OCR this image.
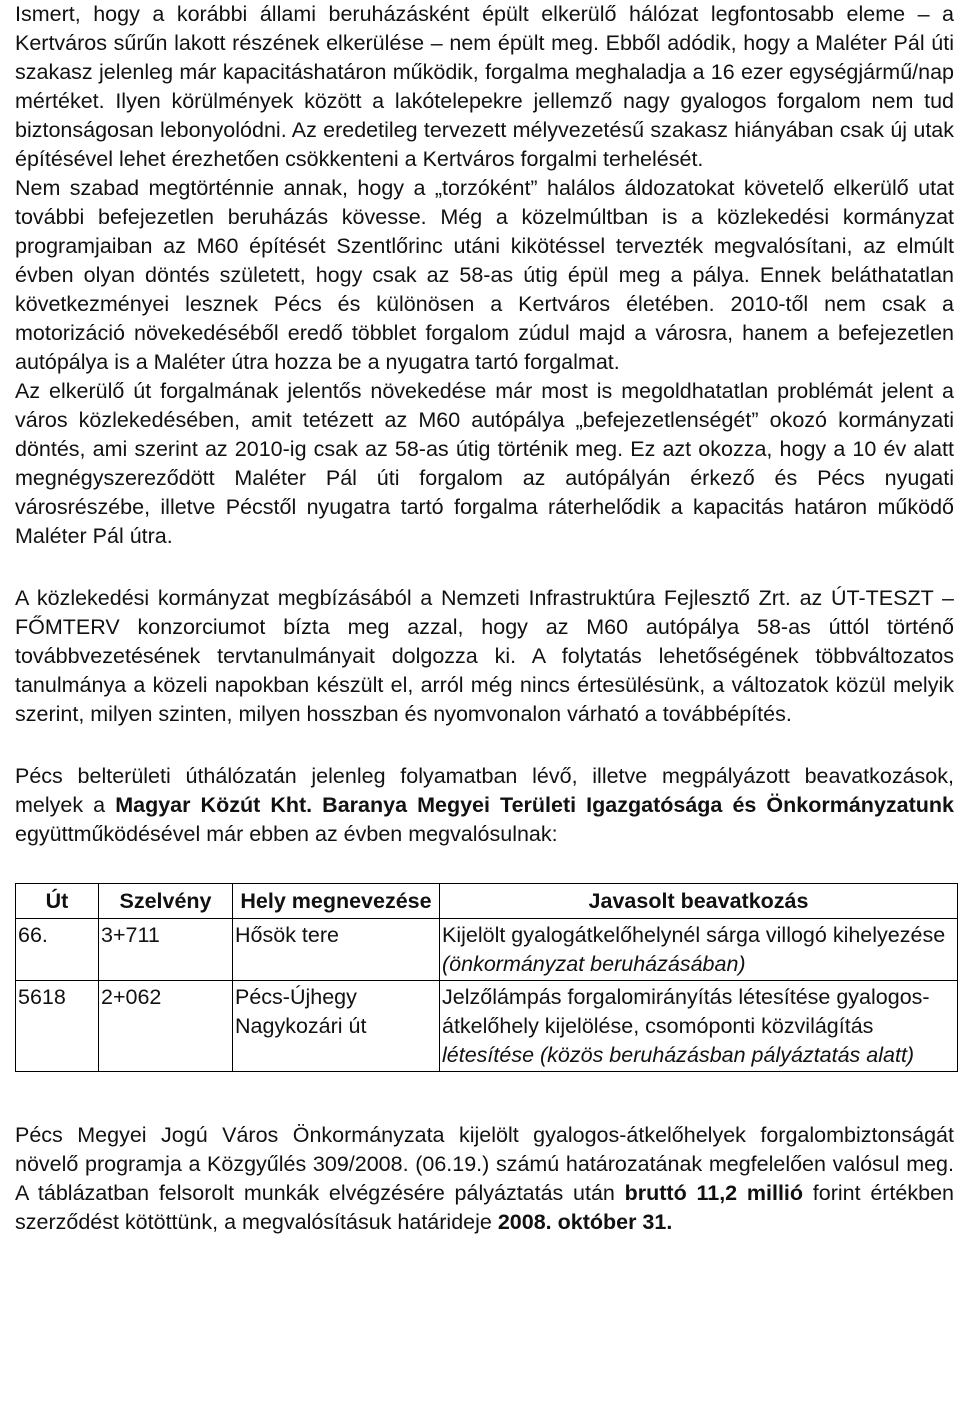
Ismert, hogy a korábbi állami beruházásként épült elkerülő hálózat legfontosabb eleme – a Kertváros sűrűn lakott részének elkerülése – nem épült meg. Ebből adódik, hogy a Maléter Pál úti szakasz jelenleg már kapacitáshatáron működik, forgalma meghaladja a 16 ezer egységjármű/nap mértéket. Ilyen körülmények között a lakótelepekre jellemző nagy gyalogos forgalom nem tud biztonságosan lebonyolódni. Az eredetileg tervezett mélyvezetésű szakasz hiányában csak új utak építésével lehet érezhetően csökkenteni a Kertváros forgalmi terhelését.

Nem szabad megtörténnie annak, hogy a „torzóként” halálos áldozatokat követelő elkerülő utat további befejezetlen beruházás kövesse. Még a közelmúltban is a közlekedési kormányzat programjaiban az M60 építését Szentlőrinc utáni kikötéssel tervezték megvalósítani, az elmúlt évben olyan döntés született, hogy csak az 58-as útig épül meg a pálya. Ennek beláthatatlan következményei lesznek Pécs és különösen a Kertváros életében. 2010-től nem csak a motorizáció növekedéséből eredő többlet forgalom zúdul majd a városra, hanem a befejezetlen autópálya is a Maléter útra hozza be a nyugatra tartó forgalmat.

Az elkerülő út forgalmának jelentős növekedése már most is megoldhatatlan problémát jelent a város közlekedésében, amit tetézett az M60 autópálya „befejezetlenségét” okozó kormányzati döntés, ami szerint az 2010-ig csak az 58-as útig történik meg. Ez azt okozza, hogy a 10 év alatt megnégyszereződött Maléter Pál úti forgalom az autópályán érkező és Pécs nyugati városrészébe, illetve Pécstől nyugatra tartó forgalma ráterhelődik a kapacitás határon működő Maléter Pál útra.

A közlekedési kormányzat megbízásából a Nemzeti Infrastruktúra Fejlesztő Zrt. az ÚT-TESZT – FŐMTERV konzorciumot bízta meg azzal, hogy az M60 autópálya 58-as úttól történő továbbvezetésének tervtanulmányait dolgozza ki. A folytatás lehetőségének többváltozatos tanulmánya a közeli napokban készült el, arról még nincs értesülésünk, a változatok közül melyik szerint, milyen szinten, milyen hosszban és nyomvonalon várható a továbbépítés.

Pécs belterületi úthálózatán jelenleg folyamatban lévő, illetve megpályázott beavatkozások, melyek a Magyar Közút Kht. Baranya Megyei Területi Igazgatósága és Önkormányzatunk együttműködésével már ebben az évben megvalósulnak:

Út	Szelvény	Hely megnevezése	Javasolt beavatkozás
66.	3+711	Hősök tere	Kijelölt gyalogátkelőhelynél sárga villogó kihelyezése (önkormányzat beruházásában)
5618	2+062	Pécs-Újhegy Nagykozári út	Jelzőlámpás forgalomirányítás létesítése gyalogos-átkelőhely kijelölése, csomóponti közvilágítás létesítése (közös beruházásban pályáztatás alatt)

Pécs Megyei Jogú Város Önkormányzata kijelölt gyalogos-átkelőhelyek forgalombiztonságát növelő programja a Közgyűlés 309/2008. (06.19.) számú határozatának megfelelően valósul meg. A táblázatban felsorolt munkák elvégzésére pályáztatás után bruttó 11,2 millió forint értékben szerződést kötöttünk, a megvalósításuk határideje 2008. október 31.
